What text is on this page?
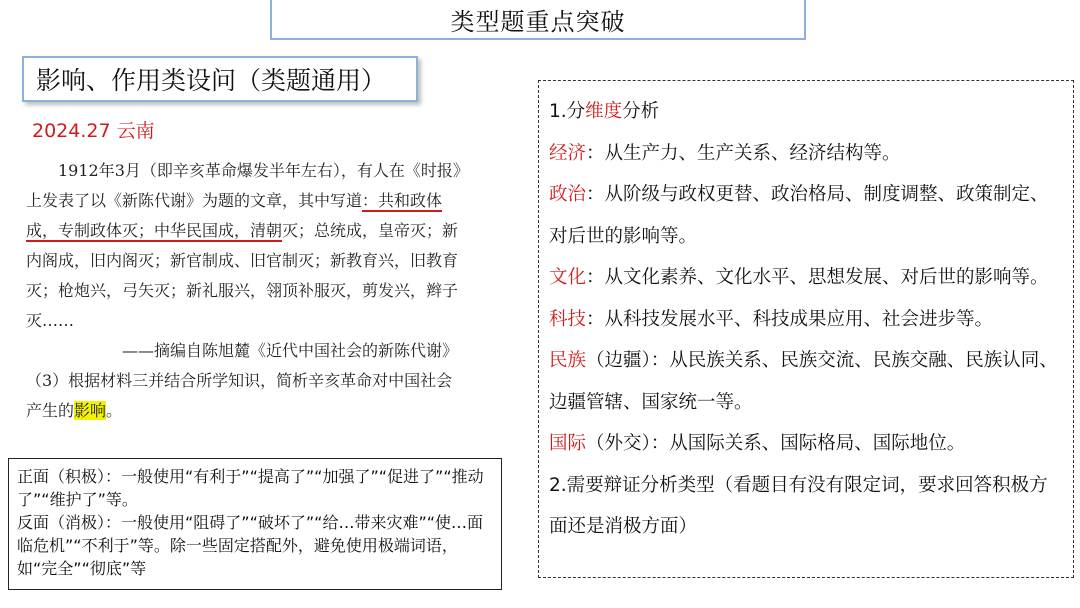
类型题重点突破
影响、作用类设问（类题通用）
2024.27 云南

1912年3月（即辛亥革命爆发半年左右），有人在《时报》上发表了以《新陈代谢》为题的文章，其中写道：共和政体成，专制政体灭；中华民国成，清朝灭；总统成，皇帝灭；新内阁成，旧内阁灭；新官制成、旧官制灭；新教育兴，旧教育灭；枪炮兴，弓矢灭；新礼服兴，翎顶补服灭，剪发兴，辫子灭……

——摘编自陈旭麓《近代中国社会的新陈代谢》

（3）根据材料三并结合所学知识，简析辛亥革命对中国社会产生的影响。

正面（积极）：一般使用“有利于”“提高了”“加强了”“促进了”“推动了”“维护了”等。

反面（消极）：一般使用“阻碍了”“破坏了”“给…带来灾难”“使…面临危机”“不利于”等。除一些固定搭配外，避免使用极端词语，如“完全”“彻底”等

1.分维度分析

经济：从生产力、生产关系、经济结构等。

政治：从阶级与政权更替、政治格局、制度调整、政策制定、对后世的影响等。

文化：从文化素养、文化水平、思想发展、对后世的影响等。

科技：从科技发展水平、科技成果应用、社会进步等。

民族（边疆）：从民族关系、民族交流、民族交融、民族认同、边疆管辖、国家统一等。

国际（外交）：从国际关系、国际格局、国际地位。

2.需要辩证分析类型（看题目有没有限定词，要求回答积极方面还是消极方面）
